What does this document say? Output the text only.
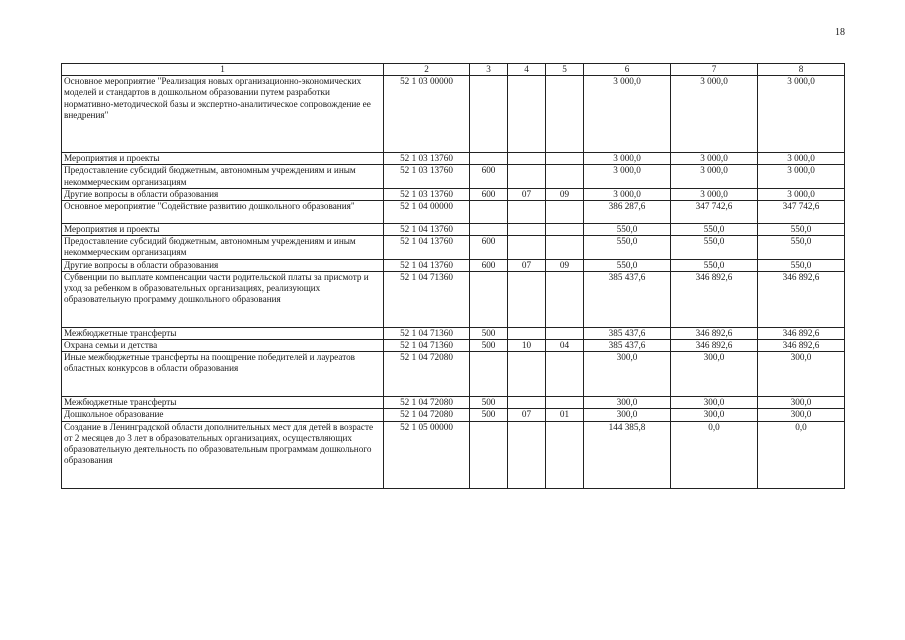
18
1	2	3	4	5	6	7	8
Основное мероприятие "Реализация новых организационно-экономических моделей и стандартов в дошкольном образовании путем разработки нормативно-методической базы и экспертно-аналитическое сопровождение ее внедрения"	52 1 03 00000				3 000,0	3 000,0	3 000,0
Мероприятия и проекты	52 1 03 13760				3 000,0	3 000,0	3 000,0
Предоставление субсидий бюджетным, автономным учреждениям и иным некоммерческим организациям	52 1 03 13760	600			3 000,0	3 000,0	3 000,0
Другие вопросы в области образования	52 1 03 13760	600	07	09	3 000,0	3 000,0	3 000,0
Основное мероприятие "Содействие развитию дошкольного образования"	52 1 04 00000				386 287,6	347 742,6	347 742,6
Мероприятия и проекты	52 1 04 13760				550,0	550,0	550,0
Предоставление субсидий бюджетным, автономным учреждениям и иным некоммерческим организациям	52 1 04 13760	600			550,0	550,0	550,0
Другие вопросы в области образования	52 1 04 13760	600	07	09	550,0	550,0	550,0
Субвенции по выплате компенсации части родительской платы за присмотр и уход за ребенком в образовательных организациях, реализующих образовательную программу дошкольного образования	52 1 04 71360				385 437,6	346 892,6	346 892,6
Межбюджетные трансферты	52 1 04 71360	500			385 437,6	346 892,6	346 892,6
Охрана семьи и детства	52 1 04 71360	500	10	04	385 437,6	346 892,6	346 892,6
Иные межбюджетные трансферты на поощрение победителей и лауреатов областных конкурсов в области образования	52 1 04 72080				300,0	300,0	300,0
Межбюджетные трансферты	52 1 04 72080	500			300,0	300,0	300,0
Дошкольное образование	52 1 04 72080	500	07	01	300,0	300,0	300,0
Создание в Ленинградской области дополнительных мест для детей в возрасте от 2 месяцев до 3 лет в образовательных организациях, осуществляющих образовательную деятельность по образовательным программам дошкольного образования	52 1 05 00000				144 385,8	0,0	0,0
